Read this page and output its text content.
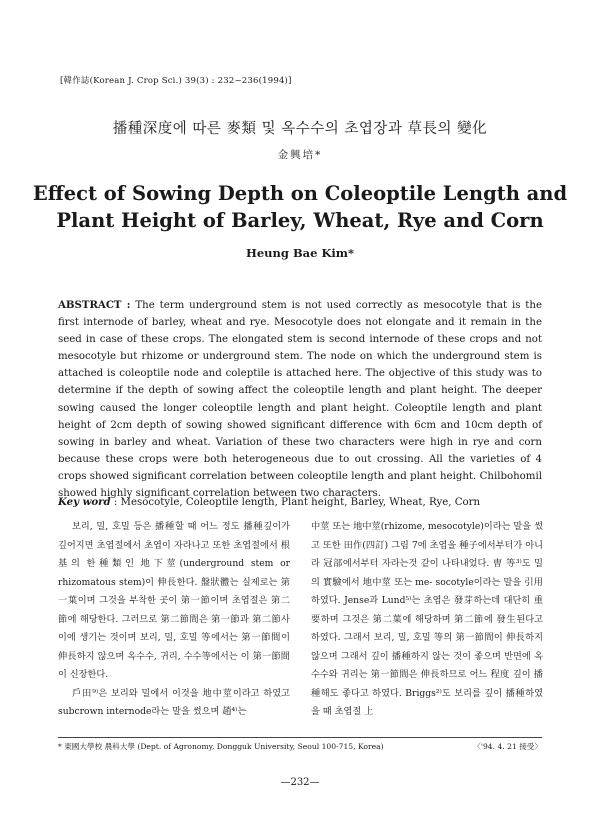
[韓作誌(Korean J. Crop Sci.) 39(3) : 232~236(1994)]
播種深度에 따른 麥類 및 옥수수의 초엽장과 草長의 變化
金興培*
Effect of Sowing Depth on Coleoptile Length and
Plant Height of Barley, Wheat, Rye and Corn
Heung Bae Kim*
ABSTRACT : The term underground stem is not used correctly as mesocotyle that is the first internode of barley, wheat and rye. Mesocotyle does not elongate and it remain in the seed in case of these crops. The elongated stem is second internode of these crops and not mesocotyle but rhizome or underground stem. The node on which the underground stem is attached is coleoptile node and coleptile is attached here. The objective of this study was to determine if the depth of sowing affect the coleoptile length and plant height. The deeper sowing caused the longer coleoptile length and plant height. Coleoptile length and plant height of 2cm depth of sowing showed significant difference with 6cm and 10cm depth of sowing in barley and wheat. Variation of these two characters were high in rye and corn because these crops were both heterogeneous due to out crossing. All the varieties of 4 crops showed significant correlation between coleoptile length and plant height. Chilbohomil showed highly significant correlation between two characters.
Key word : Mesocotyle, Coleoptile length, Plant height, Barley, Wheat, Rye, Corn

보리, 밀, 호밀 등은 播種할 때 어느 정도 播種깊이가 깊어지면 초엽절에서 초엽이 자라나고 또한 초엽절에서 根基의 한種類인 地下莖(underground stem or rhizomatous stem)이 伸長한다. 盤狀體는 실제로는 第一葉이며 그것을 부착한 곳이 第一節이며 초엽절은 第二節에 해당한다. 그러므로 第二節間은 第一節과 第二節사이에 생기는 것이며 보리, 밀, 호밀 等에서는 第一節間이 伸長하지 않으며 옥수수, 귀리, 수수等에서는 이 第一節間이 신장한다.

戶田⁹⁾은 보리와 밀에서 이것을 地中莖이라고 하였고 subcrown internode라는 말을 썼으며 趙⁴⁾는

中莖 또는 地中莖(rhizome, mesocotyle)이라는 말을 썼고 또한 田作(四訂) 그림 7에 초엽을 種子에서부터가 아니라 冠部에서부터 자라는것 같이 나타내었다. 曺 等³⁾도 밀의 實驗에서 地中莖 또는 me- socotyle이라는 말을 引用하였다. Jense과 Lund⁵⁾는 초엽은 發芽하는데 대단히 重要하며 그것은 第二葉에 해당하며 第二節에 發生된다고 하였다. 그래서 보리, 밀, 호밀 等의 第一節間이 伸長하지 않으며 그래서 깊이 播種하지 않는 것이 좋으며 반면에 옥수수와 귀리는 第一節間은 伸長하므로 어느 程度 깊이 播種해도 좋다고 하였다. Briggs²⁾도 보리를 깊이 播種하였을 때 초엽절 上

* 東國大學校 農科大學 (Dept. of Agronomy, Dongguk University, Seoul 100-715, Korea)	〈'94. 4. 21 接受〉
—232—
